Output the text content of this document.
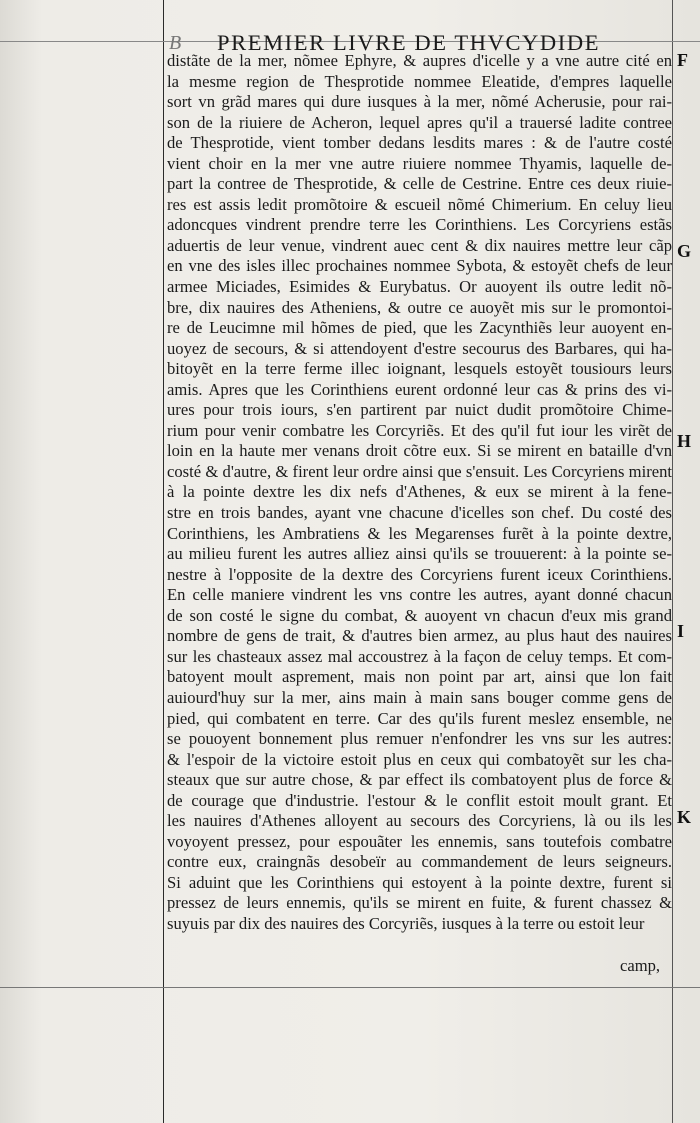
B PREMIER LIVRE DE THVCYDIDE
distãte de la mer, nõmee Ephyre, & aupres d'icelle y a vne autre cité en
la mesme region de Thesprotide nommee Eleatide, d'empres laquelle
sort vn grãd mares qui dure iusques à la mer, nõmé Acherusie, pour rai-
son de la riuiere de Acheron, lequel apres qu'il a trauersé ladite contree
de Thesprotide, vient tomber dedans lesdits mares : & de l'autre costé
vient choir en la mer vne autre riuiere nommee Thyamis, laquelle de-
part la contree de Thesprotide, & celle de Cestrine. Entre ces deux riuie-
res est assis ledit promõtoire & escueil nõmé Chimerium. En celuy lieu
adoncques vindrent prendre terre les Corinthiens. Les Corcyriens estãs
aduertis de leur venue, vindrent auec cent & dix nauires mettre leur cãp
en vne des isles illec prochaines nommee Sybota, & estoyẽt chefs de leur
armee Miciades, Esimides & Eurybatus. Or auoyent ils outre ledit nõ-
bre, dix nauires des Atheniens, & outre ce auoyẽt mis sur le promontoi-
re de Leucimne mil hõmes de pied, que les Zacynthiẽs leur auoyent en-
uoyez de secours, & si attendoyent d'estre secourus des Barbares, qui ha-
bitoyẽt en la terre ferme illec ioignant, lesquels estoyẽt tousiours leurs
amis. Apres que les Corinthiens eurent ordonné leur cas & prins des vi-
ures pour trois iours, s'en partirent par nuict dudit promõtoire Chime-
rium pour venir combatre les Corcyriẽs. Et des qu'il fut iour les virẽt de
loin en la haute mer venans droit cõtre eux. Si se mirent en bataille d'vn
costé & d'autre, & firent leur ordre ainsi que s'ensuit. Les Corcyriens mirent
à la pointe dextre les dix nefs d'Athenes, & eux se mirent à la fene-
stre en trois bandes, ayant vne chacune d'icelles son chef. Du costé des
Corinthiens, les Ambratiens & les Megarenses furẽt à la pointe dextre,
au milieu furent les autres alliez ainsi qu'ils se trouuerent: à la pointe se-
nestre à l'opposite de la dextre des Corcyriens furent iceux Corinthiens.
En celle maniere vindrent les vns contre les autres, ayant donné chacun
de son costé le signe du combat, & auoyent vn chacun d'eux mis grand
nombre de gens de trait, & d'autres bien armez, au plus haut des nauires
sur les chasteaux assez mal accoustrez à la façon de celuy temps. Et com-
batoyent moult asprement, mais non point par art, ainsi que lon fait
auiourd'huy sur la mer, ains main à main sans bouger comme gens de
pied, qui combatent en terre. Car des qu'ils furent meslez ensemble, ne
se pouoyent bonnement plus remuer n'enfondrer les vns sur les autres:
& l'espoir de la victoire estoit plus en ceux qui combatoyẽt sur les cha-
steaux que sur autre chose, & par effect ils combatoyent plus de force &
de courage que d'industrie. l'estour & le conflit estoit moult grant. Et
les nauires d'Athenes alloyent au secours des Corcyriens, là ou ils les
voyoyent pressez, pour espouãter les ennemis, sans toutefois combatre
contre eux, craingnãs desobeïr au commandement de leurs seigneurs.
Si aduint que les Corinthiens qui estoyent à la pointe dextre, furent si
pressez de leurs ennemis, qu'ils se mirent en fuite, & furent chassez &
suyuis par dix des nauires des Corcyriẽs, iusques à la terre ou estoit leur
camp,
F
G
H
I
K
